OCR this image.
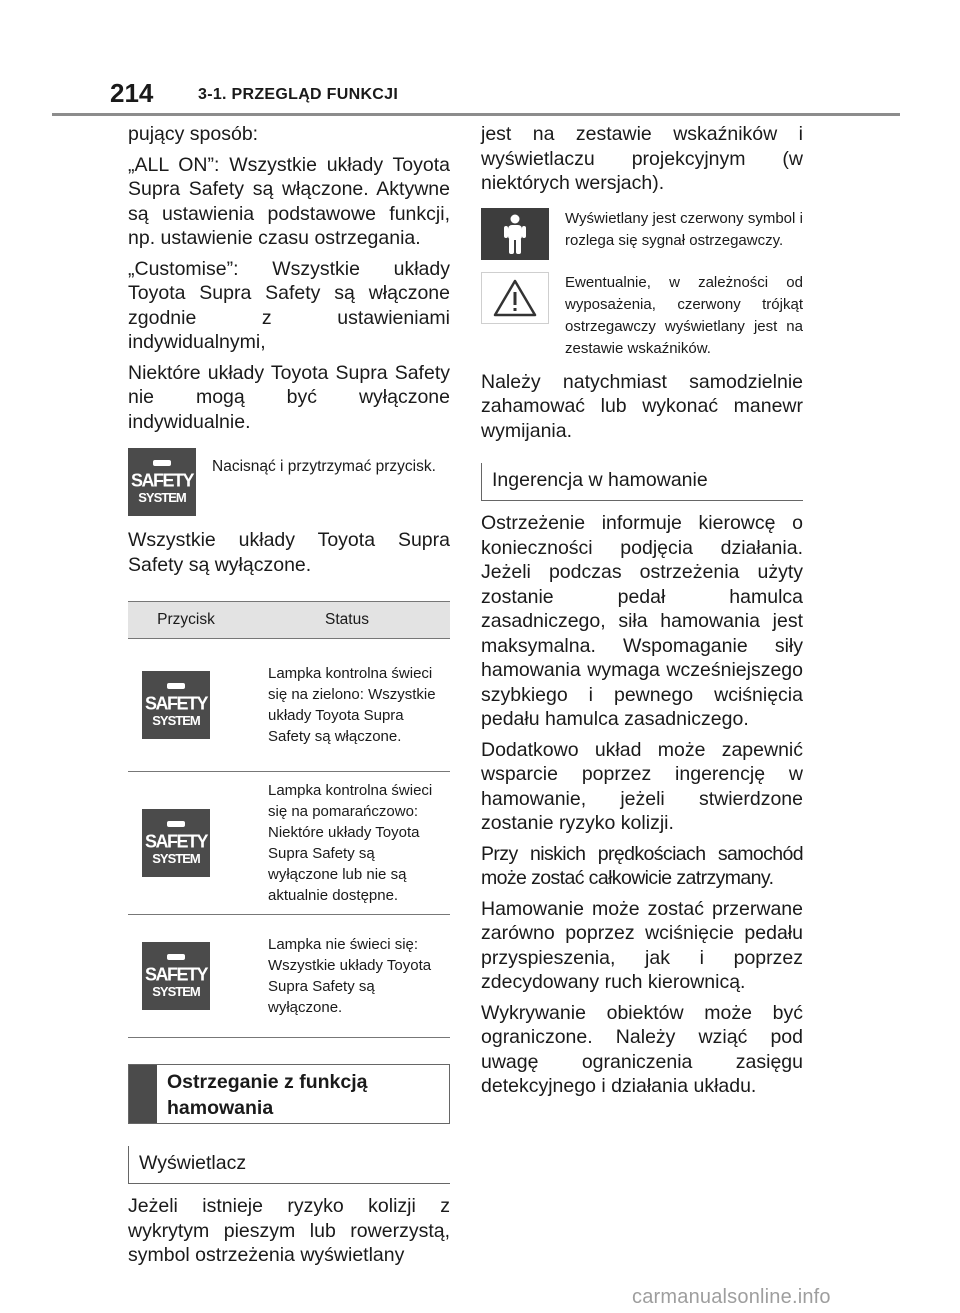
214	3-1. PRZEGLĄD FUNKCJI

pujący sposób:

„ALL ON”: Wszystkie układy Toyota Supra Safety są włączone. Aktywne są ustawienia podstawowe funkcji, np. ustawienie czasu ostrzegania.

„Customise”: Wszystkie układy Toyota Supra Safety są włączone zgodnie z ustawieniami indywidualnymi,

Niektóre układy Toyota Supra Safety nie mogą być wyłączone indywidualnie.

SAFETY
SYSTEM
Nacisnąć i przytrzymać przycisk.

Wszystkie układy Toyota Supra Safety są wyłączone.

Przycisk	Status

SAFETY
SYSTEM	Lampka kontrolna świeci się na zielono: Wszystkie układy Toyota Supra Safety są włączone.

SAFETY
SYSTEM	Lampka kontrolna świeci się na pomarańczowo: Niektóre układy Toyota Supra Safety są wyłączone lub nie są aktualnie dostępne.

SAFETY
SYSTEM	Lampka nie świeci się: Wszystkie układy Toyota Supra Safety są wyłączone.
Ostrzeganie z funkcją hamowania
Wyświetlacz

Jeżeli istnieje ryzyko kolizji z wykrytym pieszym lub rowerzystą, symbol ostrzeżenia wyświetlany

jest na zestawie wskaźników i wyświetlaczu projekcyjnym (w niektórych wersjach).

Wyświetlany jest czerwony symbol i rozlega się sygnał ostrzegawczy.
Ewentualnie, w zależności od wyposażenia, czerwony trójkąt ostrzegawczy wyświetlany jest na zestawie wskaźników.

Należy natychmiast samodzielnie zahamować lub wykonać manewr wymijania.

Ingerencja w hamowanie

Ostrzeżenie informuje kierowcę o konieczności podjęcia działania. Jeżeli podczas ostrzeżenia użyty zostanie pedał hamulca zasadniczego, siła hamowania jest maksymalna. Wspomaganie siły hamowania wymaga wcześniejszego szybkiego i pewnego wciśnięcia pedału hamulca zasadniczego.

Dodatkowo układ może zapewnić wsparcie poprzez ingerencję w hamowanie, jeżeli stwierdzone zostanie ryzyko kolizji.

Przy niskich prędkościach samochód może zostać całkowicie zatrzymany.

Hamowanie może zostać przerwane zarówno poprzez wciśnięcie pedału przyspieszenia, jak i poprzez zdecydowany ruch kierownicą.

Wykrywanie obiektów może być ograniczone. Należy wziąć pod uwagę ograniczenia zasięgu detekcyjnego i działania układu.

carmanualsonline.info
